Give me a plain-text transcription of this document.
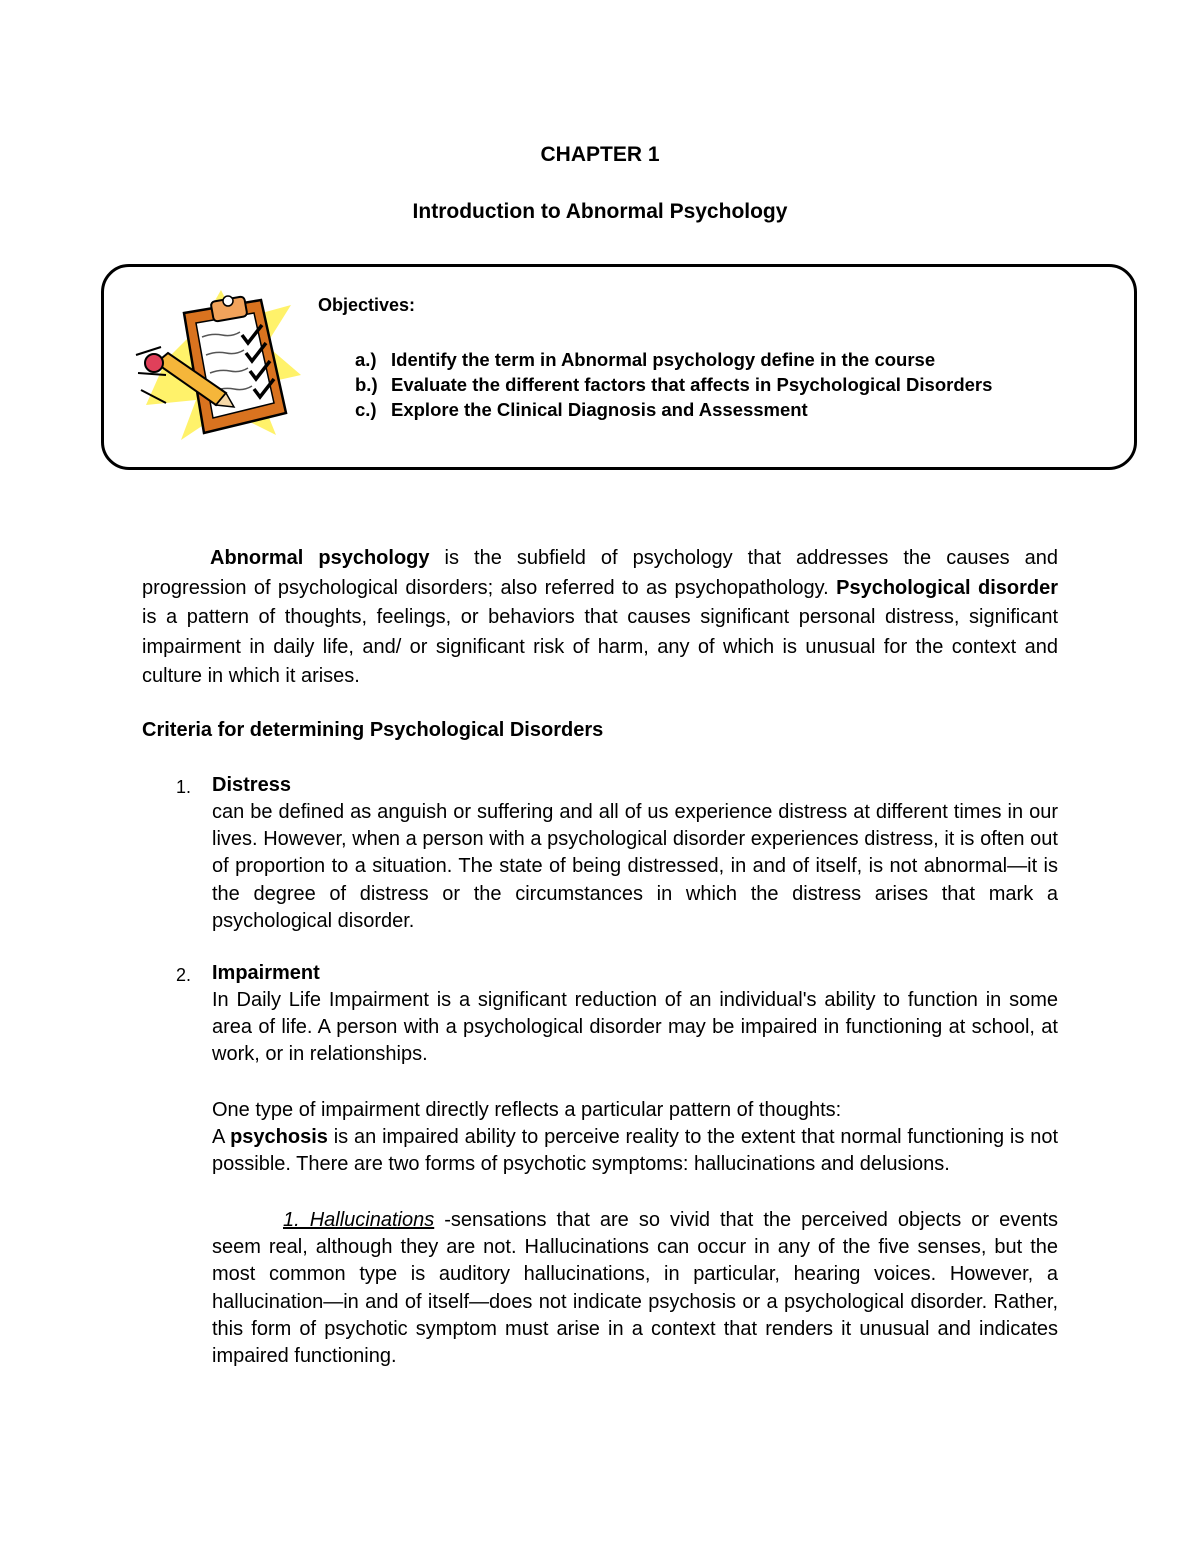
CHAPTER 1
Introduction to Abnormal Psychology
Objectives:
a.) Identify the term in Abnormal psychology define in the course
b.) Evaluate the different factors that affects in Psychological Disorders
c.) Explore the Clinical Diagnosis and Assessment
Abnormal psychology is the subfield of psychology that addresses the causes and progression of psychological disorders; also referred to as psychopathology. Psychological disorder is a pattern of thoughts, feelings, or behaviors that causes significant personal distress, significant impairment in daily life, and/ or significant risk of harm, any of which is unusual for the context and culture in which it arises.
Criteria for determining Psychological Disorders
1. Distress
can be defined as anguish or suffering and all of us experience distress at different times in our lives. However, when a person with a psychological disorder experiences distress, it is often out of proportion to a situation. The state of being distressed, in and of itself, is not abnormal—it is the degree of distress or the circumstances in which the distress arises that mark a psychological disorder.
2. Impairment
In Daily Life Impairment is a significant reduction of an individual's ability to function in some area of life. A person with a psychological disorder may be impaired in functioning at school, at work, or in relationships.
One type of impairment directly reflects a particular pattern of thoughts:
A psychosis is an impaired ability to perceive reality to the extent that normal functioning is not possible. There are two forms of psychotic symptoms: hallucinations and delusions.
1. Hallucinations -sensations that are so vivid that the perceived objects or events seem real, although they are not. Hallucinations can occur in any of the five senses, but the most common type is auditory hallucinations, in particular, hearing voices. However, a hallucination—in and of itself—does not indicate psychosis or a psychological disorder. Rather, this form of psychotic symptom must arise in a context that renders it unusual and indicates impaired functioning.
